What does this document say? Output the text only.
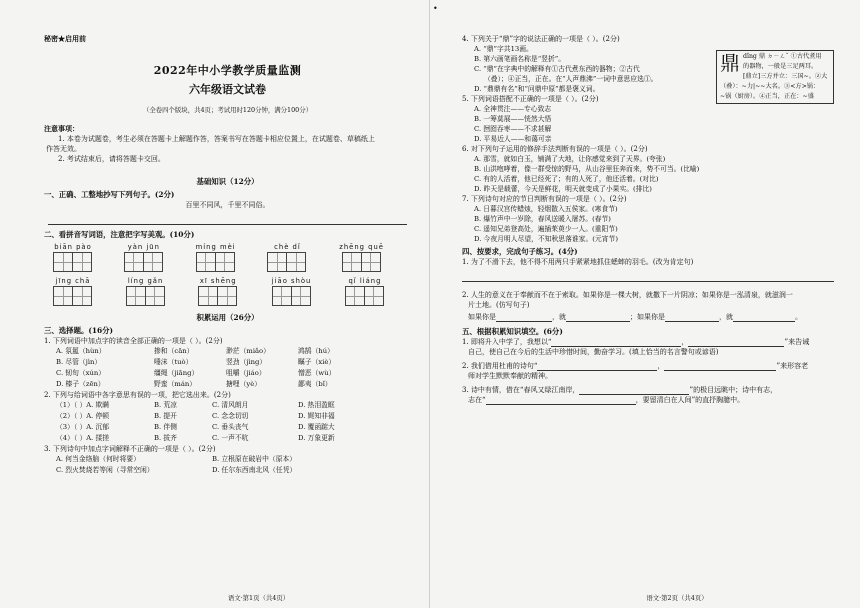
•
秘密★启用前
2022年中小学教学质量监测
六年级语文试卷
（全卷四个版块，共4页；考试用时120分钟，满分100分）
注意事项：
1. 本卷为试题卷，考生必须在答题卡上解题作答，答案书写在答题卡相应位置上，在试题卷、草稿纸上
作答无效。
2. 考试结束后，请将答题卡交回。
基础知识（12分）
一、正确、工整地抄写下列句子。(2分)
百里不同风，千里不同俗。
二、看拼音写词语，注意把字写美观。(10分)
biān pào	yàn jūn	míng mèi	chè dǐ	zhēng quē
jīng chā	líng gǎn	xī shēng	jiāo shòu	qǐ liáng
积累运用（26分）
三、选择题。(16分)
1. 下列词语中加点字的读音全部正确的一项是（ ）。(2分)
A. 氛氲（hùn）	掺和（cān）	渺茫（miǎo）	鸿鹄（hú）
B. 尽管（jìn）	唾沫（tuò）	竖劲（jìng）	瞩子（xiè）
C. 韧旬（xún）	缰绳（jiāng）	咀嚼（jiáo）	憎恶（wù）
D. 榛子（zēn）	野蛮（mán）	搪哩（yè）	鄙夷（bǐ）
2. 下列与给词语中各字意思有误的一项，把它选出来。(2分)
（1）（ ）A. 欺瞒	B. 荒凉	C. 清风朗月	D. 热泪盈眶
（2）（ ）A. 停顿	B. 提开	C. 念念切切	D. 娓知非福
（3）（ ）A. 沉郁	B. 伴侧	C. 垂头丧气	D. 覆函踮大
（4）（ ）A. 揉搓	B. 拔齐	C. 一声不吭	D. 万象更新
3. 下列诗句中加点字词解释不正确的一项是（ ）。(2分)
A. 何当金络脑（何时将要）	B. 立根原在破岩中（原本）
C. 烈火焚烧若等闲（寻常空闲）	D. 任尔东西南北风（任凭）
语文·第1页（共4页）
4. 下列关于“鼎”字的说法正确的一项是（ ）。(2分)
A. “鼎”字共13画。
B. 第六画笔画名称是“竖折”。
C. “鼎”在字典中的解释有①古代煮东西的器物；②古代
（叠）；④正当，正在。在“人声鼎沸”一词中意思应选①。
D. “鼎鼎有名”和“问鼎中原”都是褒义词。
鼎 dǐng 鼎 ㄉㄧㄥˇ ①古代煮用
的器物，一般是三足两耳。
[鼎立]三方并立：三国~。②大
（叠）：~力|~~大名。③<方>锅：
~锅（厨房）。④正当，正在：~盛
5. 下列词语搭配不正确的一项是（ ）。(2分)
A. 全神贯注——专心致志
B. 一筹莫展——恍然大悟
C. 囫囵吞枣——不求甚解
D. 平易近人——和蔼可亲
6. 对下列句子运用的修辞手法判断有误的一项是（ ）。(2分)
A. 那雪，就如白玉，铺满了大地，让你感觉来到了天界。(夸张)
B. 山洪咆哮着，像一群受惊的野马，从山谷里狂奔而来，势不可当。(比喻)
C. 有的人活着，他已经死了；有的人死了，他还活着。(对比)
D. 昨天是载蕾，今天是鲜花，明天就变成了小果实。(排比)
7. 下列诗句对应的节日判断有误的一项是（ ）。(2分)
A. 日暮汉宫传蜡烛，轻烟散入五侯家。(寒食节)
B. 爆竹声中一岁除，春风送暖入屠苏。(春节)
C. 遥知兄弟登高处，遍插茱萸少一人。(重阳节)
D. 今夜月明人尽望，不知秋思落谁家。(元宵节)
四、按要求，完成句子练习。(4分)
1. 为了不滑下去，他不得不用两只手紧紧地抓住蟋蟀的羽毛。(改为肯定句)
2. 人生的意义在于奉献而不在于索取。如果你是一棵大树，就撒下一片阴凉；如果你是一泓清泉，就滋润一
片土地。(仿写句子)
如果你是	，就	；如果你是	，就	。
五、根据积累知识填空。(6分)
1. 即将升入中学了，我想以“	，	”来告诫
自己，使自己在今后的生活中珍惜时间，勤奋学习。(填上恰当的名言警句或谚语)
2. 我们借用杜甫的诗句“	，	”来形容老
师对学生默默奉献的精神。
3. 诗中有情，借在“春风又绿江南岸，	”的极目远眺中；诗中有志，
志在“	，要留清白在人间”的直抒胸臆中。
语文·第2页（共4页）
